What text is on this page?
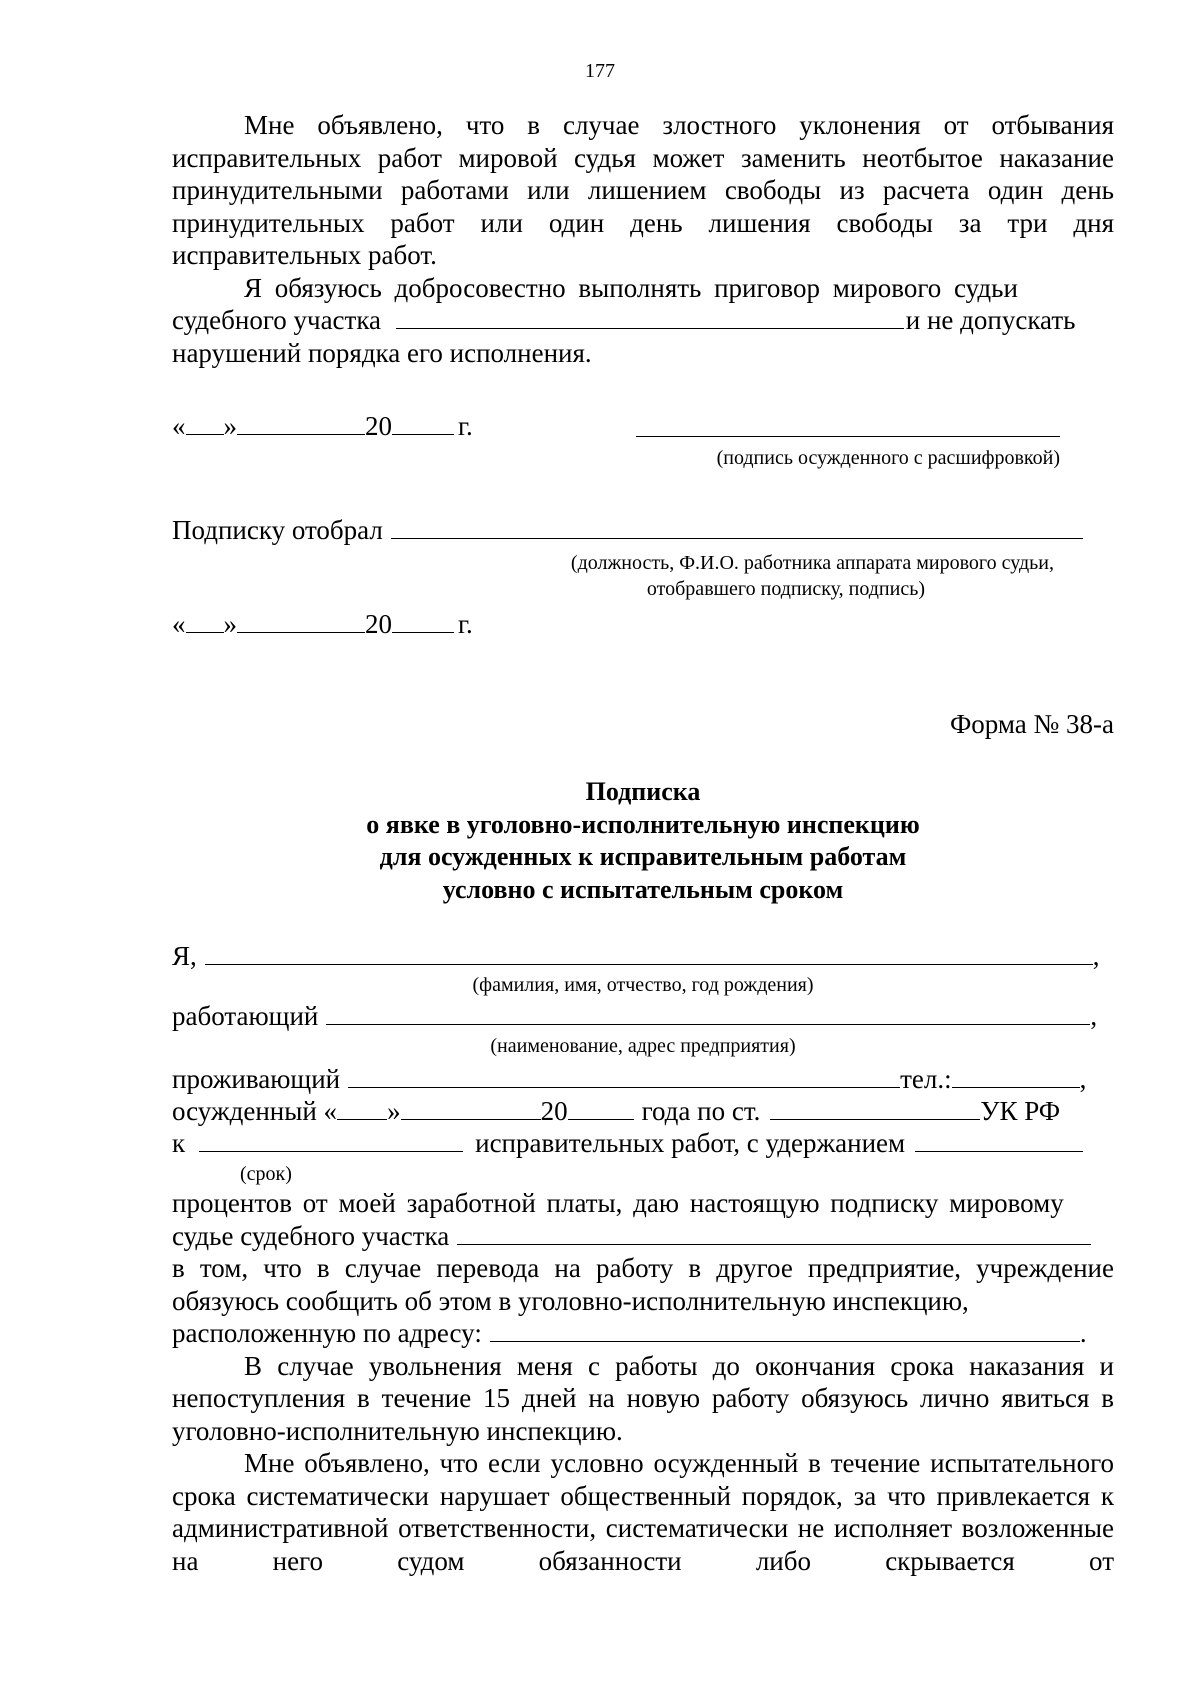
177

Мне объявлено, что в случае злостного уклонения от отбывания исправительных работ мировой судья может заменить неотбытое наказание принудительными работами или лишением свободы из расчета один день принудительных работ или один день лишения свободы за три дня исправительных работ.

Я обязуюсь добросовестно выполнять приговор мирового судьи
судебного участка	и не допускать
нарушений порядка его исполнения.
« »	20 г.
(подпись осужденного с расшифровкой)
Подписку отобрал
(должность, Ф.И.О. работника аппарата мирового судьи,
отобравшего подписку, подпись)
« »	20 г.
Форма № 38-а
Подписка
о явке в уголовно-исполнительную инспекцию
для осужденных к исправительным работам
условно с испытательным сроком
Я,	,
(фамилия, имя, отчество, год рождения)
работающий	,
(наименование, адрес предприятия)
проживающий	тел.:	,
осужденный « »	20	года по ст.	УК РФ
к	исправительных работ, с удержанием
(срок)
процентов от моей заработной платы, даю настоящую подписку мировому
судье судебного участка

в том, что в случае перевода на работу в другое предприятие, учреждение обязуюсь сообщить об этом в уголовно-исполнительную инспекцию,

расположенную по адресу:	.

В случае увольнения меня с работы до окончания срока наказания и непоступления в течение 15 дней на новую работу обязуюсь лично явиться в уголовно-исполнительную инспекцию.

Мне объявлено, что если условно осужденный в течение испытательного срока систематически нарушает общественный порядок, за что привлекается к административной ответственности, систематически не исполняет возложенные на него судом обязанности либо скрывается от
